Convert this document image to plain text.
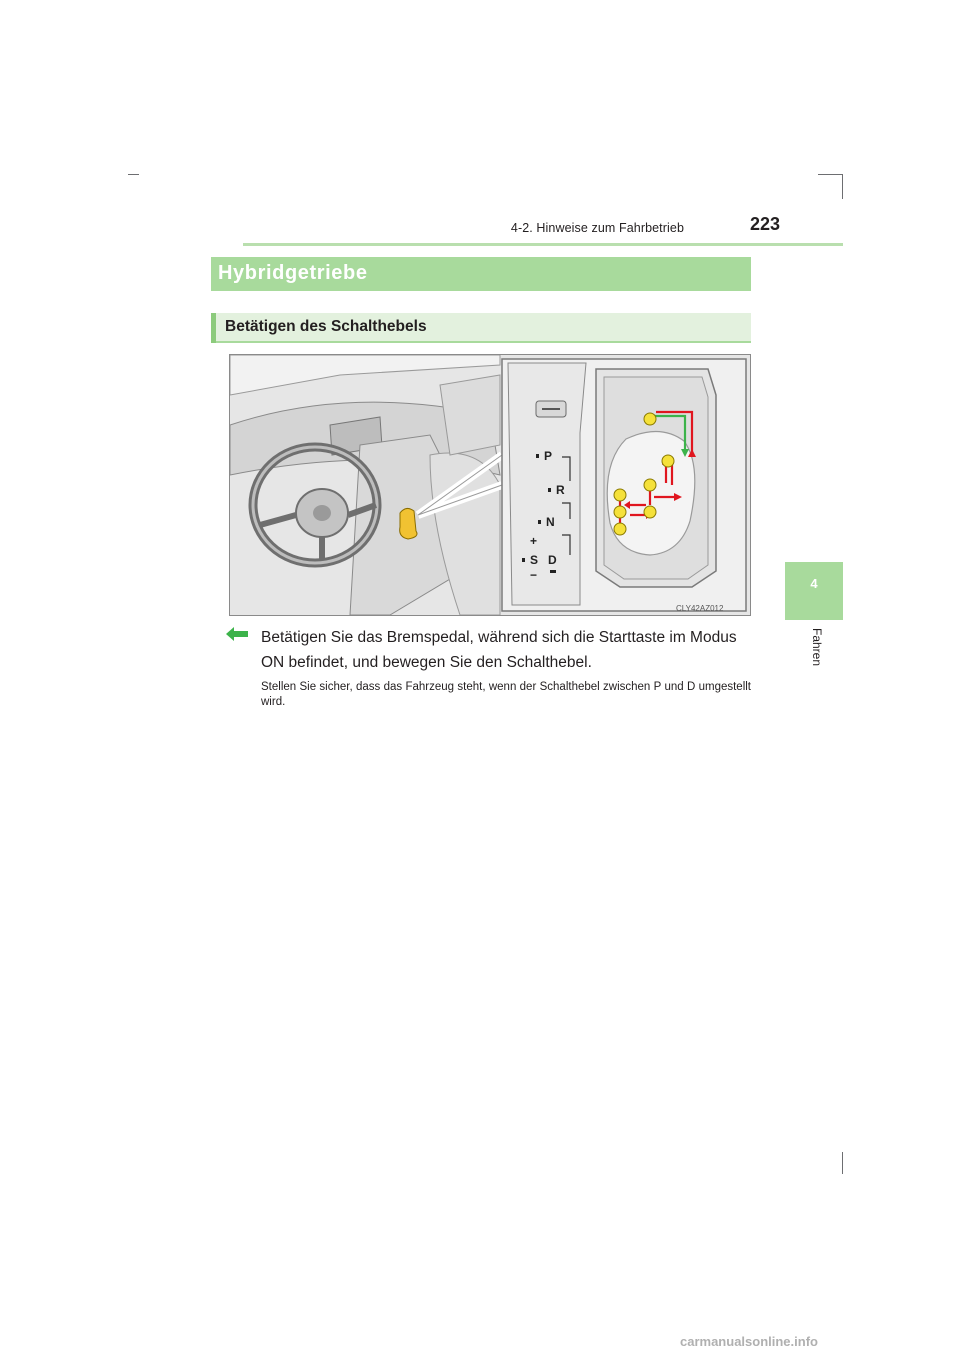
4-2. Hinweise zum Fahrbetrieb	223
4
Fahren
Hybridgetriebe
Betätigen des Schalthebels
P
R
N
+
S D
−
CLY42AZ012
Betätigen Sie das Bremspedal, während sich die Starttaste im Modus ON befindet, und bewegen Sie den Schalthebel.
Stellen Sie sicher, dass das Fahrzeug steht, wenn der Schalthebel zwischen P und D umgestellt wird.
carmanualsonline.info
